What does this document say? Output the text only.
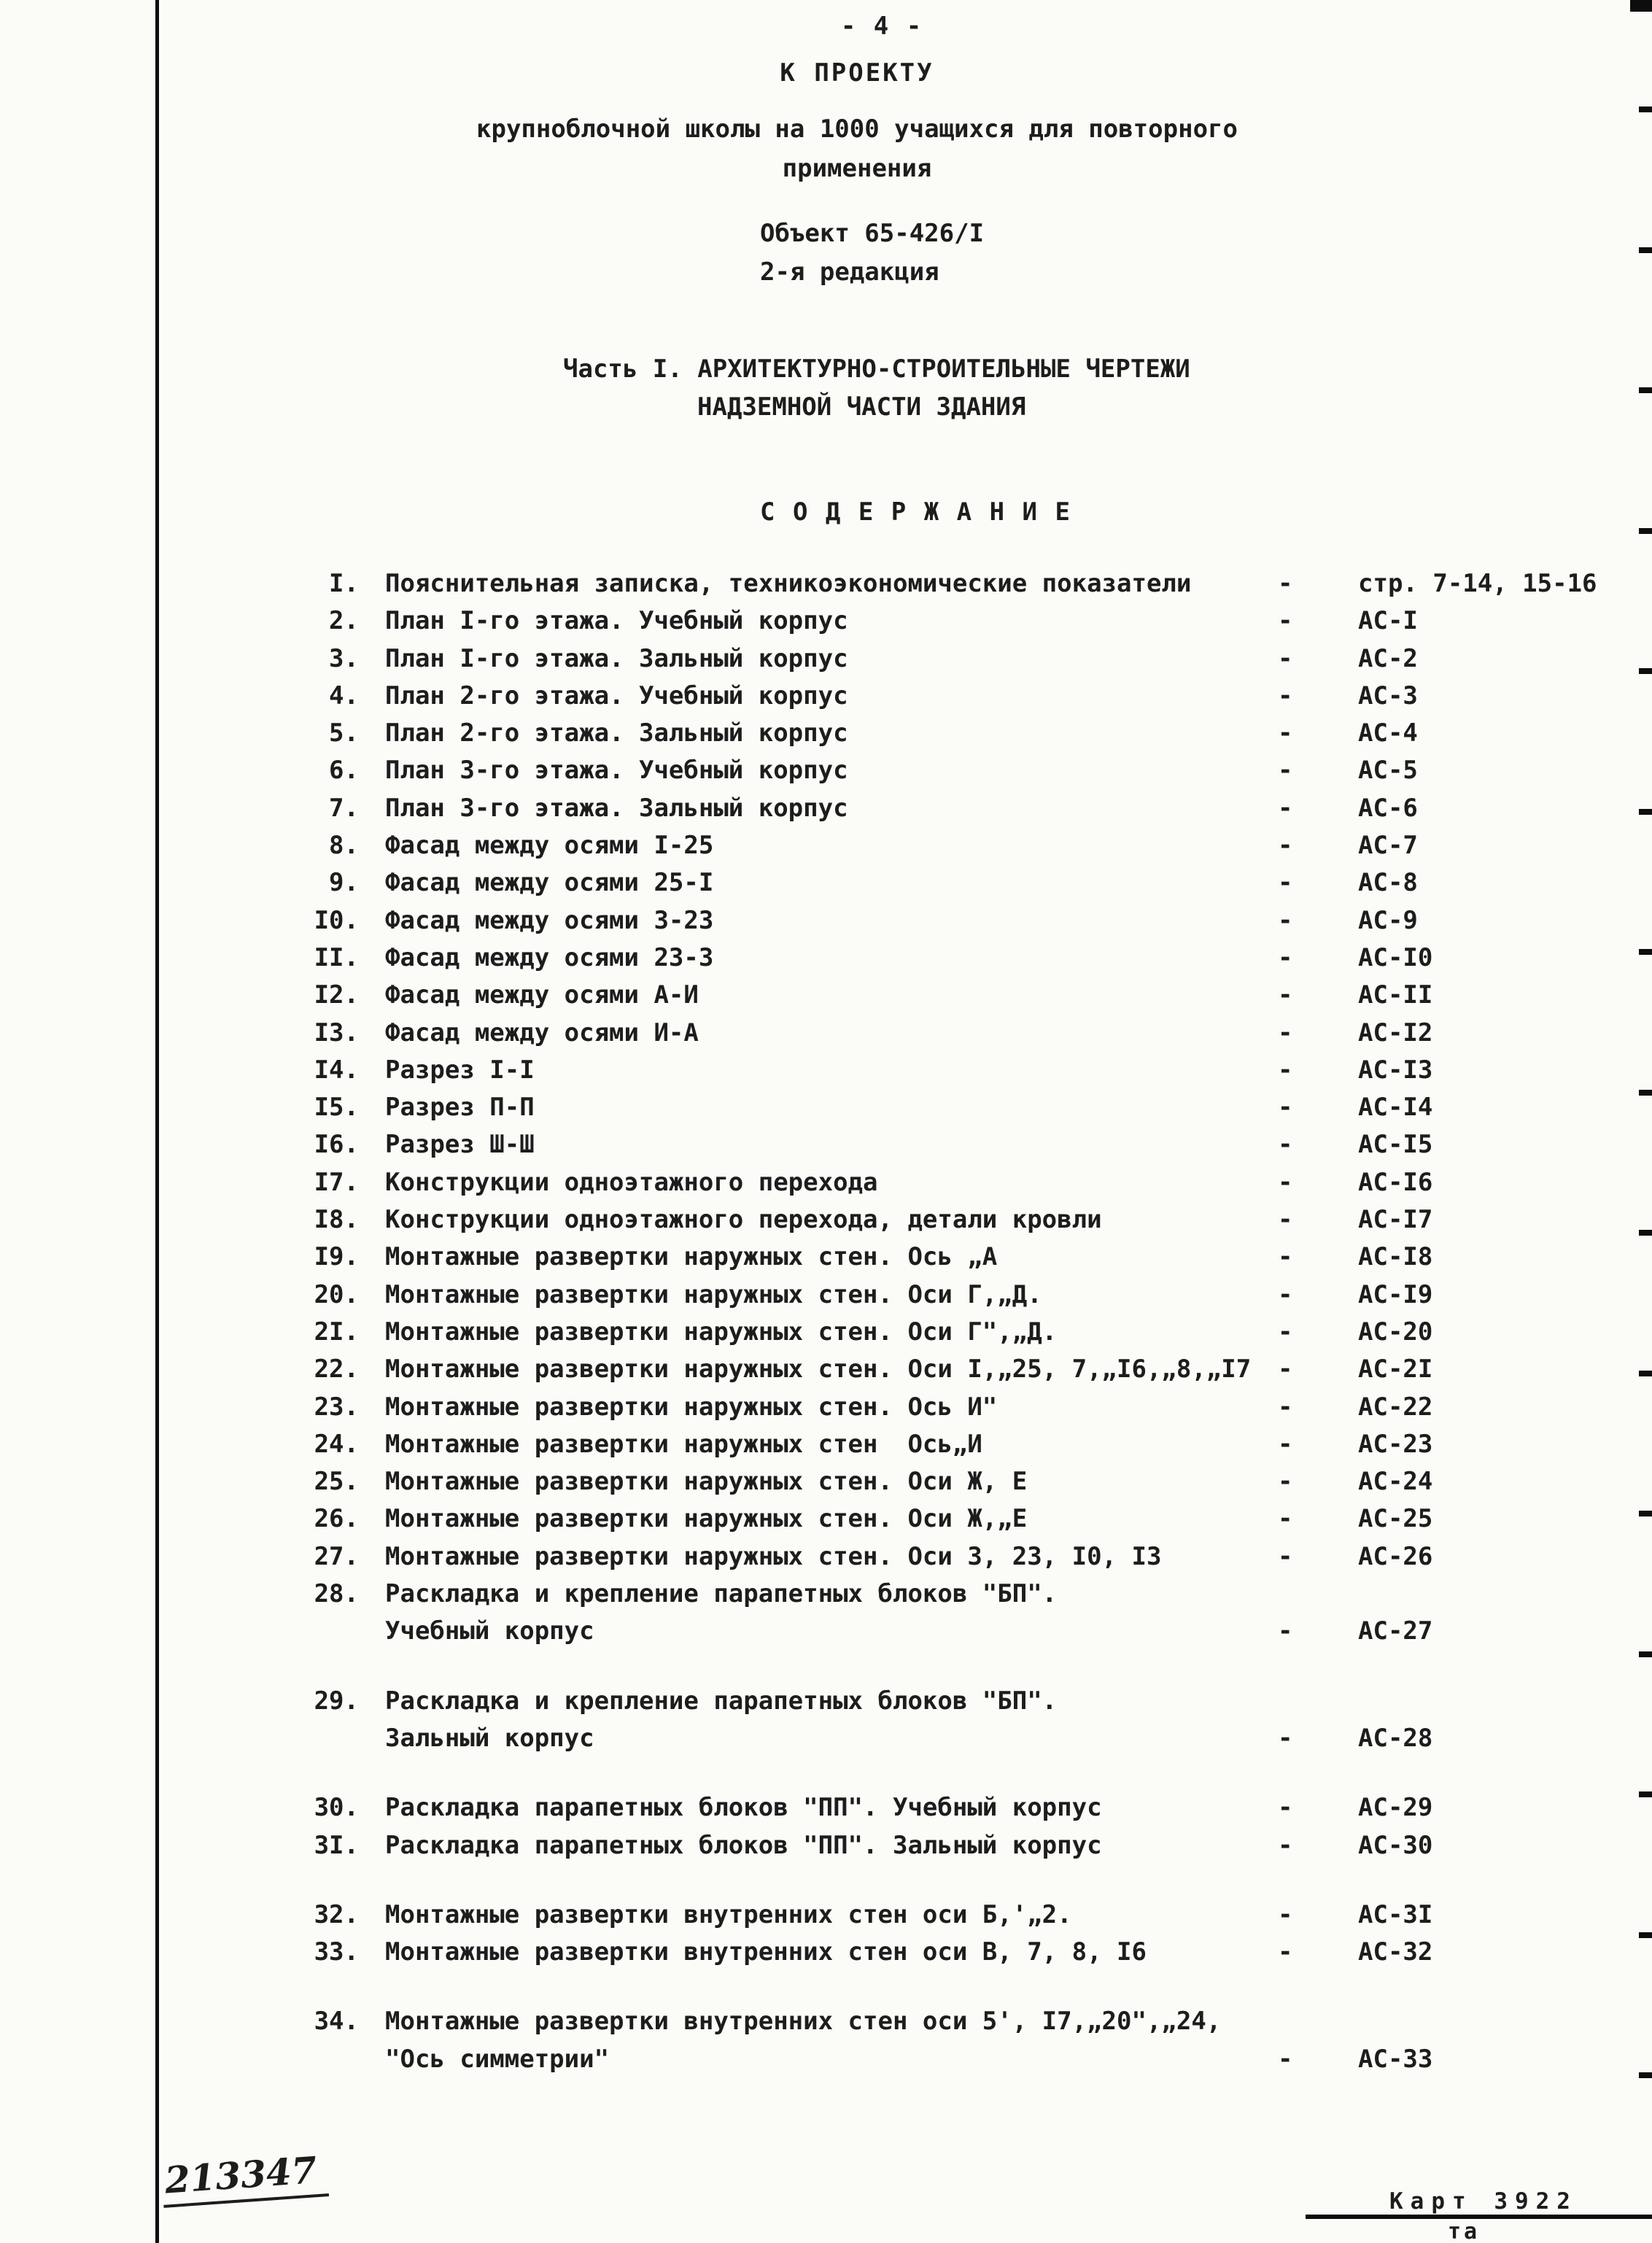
- 4 -
К ПРОЕКТУ
крупноблочной школы на 1000 учащихся для повторного
применения
Объект 65-426/I
2-я редакция
Часть I. АРХИТЕКТУРНО-СТРОИТЕЛЬНЫЕ ЧЕРТЕЖИ
НАДЗЕМНОЙ ЧАСТИ ЗДАНИЯ
С О Д Е Р Ж А Н И Е
I. Пояснительная записка, техникоэкономические показатели	-	стр. 7-14, 15-16
2. План I-го этажа. Учебный корпус	-	АС-I
3. План I-го этажа. Зальный корпус	-	АС-2
4. План 2-го этажа. Учебный корпус	-	АС-3
5. План 2-го этажа. Зальный корпус	-	АС-4
6. План 3-го этажа. Учебный корпус	-	АС-5
7. План 3-го этажа. Зальный корпус	-	АС-6
8. Фасад между осями I-25	-	АС-7
9. Фасад между осями 25-I	-	АС-8
I0. Фасад между осями 3-23	-	АС-9
II. Фасад между осями 23-3	-	АС-I0
I2. Фасад между осями А-И	-	АС-II
I3. Фасад между осями И-А	-	АС-I2
I4. Разрез I-I	-	АС-I3
I5. Разрез П-П	-	АС-I4
I6. Разрез Ш-Ш	-	АС-I5
I7. Конструкции одноэтажного перехода	-	АС-I6
I8. Конструкции одноэтажного перехода, детали кровли	-	АС-I7
I9. Монтажные развертки наружных стен. Ось „А	-	АС-I8
20. Монтажные развертки наружных стен. Оси Г,„Д.	-	АС-I9
2I. Монтажные развертки наружных стен. Оси Г",„Д.	-	АС-20
22. Монтажные развертки наружных стен. Оси I,„25, 7,„I6,„8,„I7 -	АС-2I
23. Монтажные развертки наружных стен. Ось И"	-	АС-22
24. Монтажные развертки наружных стен  Ось„И	-	АС-23
25. Монтажные развертки наружных стен. Оси Ж, Е	-	АС-24
26. Монтажные развертки наружных стен. Оси Ж,„Е	-	АС-25
27. Монтажные развертки наружных стен. Оси 3, 23, I0, I3	-	АС-26
28. Раскладка и крепление парапетных блоков "БП".
Учебный корпус	-	АС-27
29. Раскладка и крепление парапетных блоков "БП".
Зальный корпус	-	АС-28
30. Раскладка парапетных блоков "ПП". Учебный корпус	-	АС-29
3I. Раскладка парапетных блоков "ПП". Зальный корпус	-	АС-30
32. Монтажные развертки внутренних стен оси Б,'„2.	-	АС-3I
33. Монтажные развертки внутренних стен оси В, 7, 8, I6	-	АС-32
34. Монтажные развертки внутренних стен оси 5', I7,„20",„24,
"Ось симметрии"	-	АС-33
213347	Карт 3922
та
